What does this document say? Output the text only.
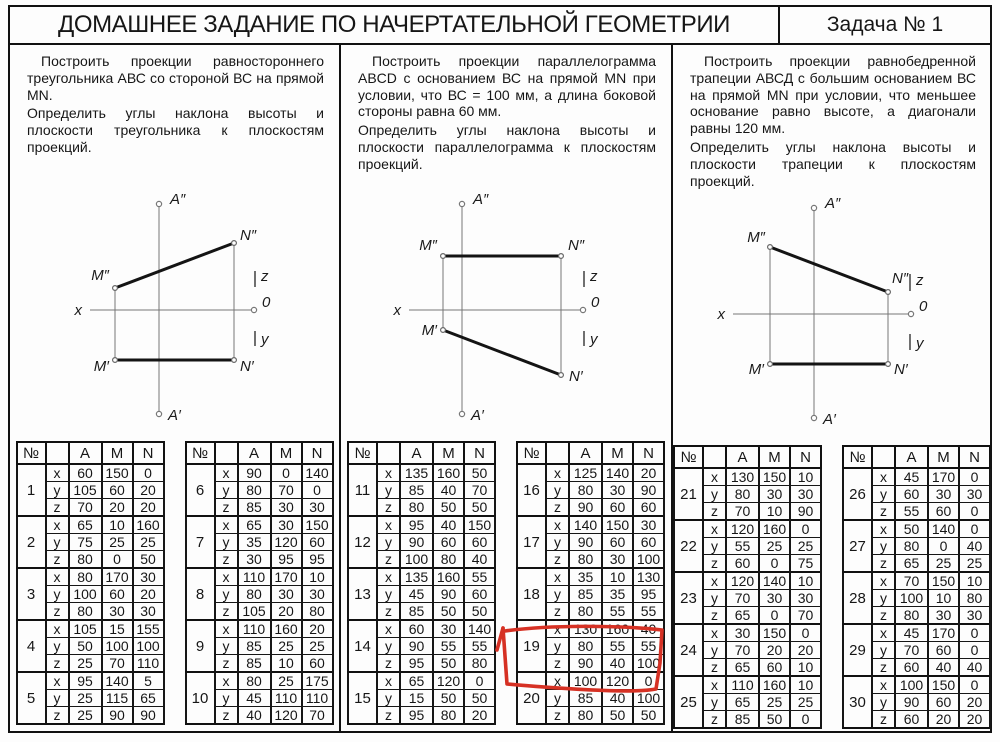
ДОМАШНЕЕ ЗАДАНИЕ ПО НАЧЕРТАТЕЛЬНОЙ ГЕОМЕТРИИ	Задача № 1

Построить проекции равностороннего треугольника АВС со стороной ВС на прямой MN.

Определить углы наклона высоты и плоскости треугольника к плоскостям проекций.

A″
A′
M″
N″
M′	N′
x
z
0
y
№		A	M	N
1	x	60	150	0
	y	105	60	20
	z	70	20	20
2	x	65	10	160
	y	75	25	25
	z	80	0	50
3	x	80	170	30
	y	100	60	20
	z	80	30	30
4	x	105	15	155
	y	50	100	100
	z	25	70	110
5	x	95	140	5
	y	25	115	65
	z	25	90	90
№		A	M	N
6	x	90	0	140
	y	80	70	0
	z	85	30	30
7	x	65	30	150
	y	35	120	60
	z	30	95	95
8	x	110	170	10
	y	80	30	30
	z	105	20	80
9	x	110	160	20
	y	85	25	25
	z	85	10	60
10	x	80	25	175
	y	45	110	110
	z	40	120	70

Построить проекции параллелограмма ABCD с основанием ВС на прямой MN при условии, что ВС = 100 мм, а длина боковой стороны равна 60 мм.

Определить углы наклона высоты и плоскости параллелограмма к плоскостям проекций.

A″
A′
M″	N″
M′
N′
x
z
0
y
№		A	M	N
11	x	135	160	50
	y	85	40	70
	z	80	50	50
12	x	95	40	150
	y	90	60	60
	z	100	80	40
13	x	135	160	55
	y	45	90	60
	z	85	50	50
14	x	60	30	140
	y	90	55	55
	z	95	50	80
15	x	65	120	0
	y	15	50	50
	z	95	80	20
№		A	M	N
16	x	125	140	20
	y	80	30	90
	z	90	60	60
17	x	140	150	30
	y	90	60	60
	z	80	30	100
18	x	35	10	130
	y	85	35	95
	z	80	55	55
19	x	130	160	40
	y	80	55	55
	z	90	40	100
20	x	100	120	0
	y	85	40	100
	z	80	50	50

Построить проекции равнобедренной трапеции АВСД с большим основанием ВС на прямой MN при условии, что меньшее основание равно высоте, а диагонали равны 120 мм.

Определить углы наклона высоты и плоскости трапеции к плоскостям проекций.

A″
A′
M″
N″
M′	N′
x
z
0
y
№		A	M	N
21	x	130	150	10
	y	80	30	30
	z	70	10	90
22	x	120	160	0
	y	55	25	25
	z	60	0	75
23	x	120	140	10
	y	70	30	30
	z	65	0	70
24	x	30	150	0
	y	70	20	20
	z	65	60	10
25	x	110	160	10
	y	65	25	25
	z	85	50	0
№		A	M	N
26	x	45	170	0
	y	60	30	30
	z	55	60	0
27	x	50	140	0
	y	80	0	40
	z	65	25	25
28	x	70	150	10
	y	100	10	80
	z	80	30	30
29	x	45	170	0
	y	70	60	0
	z	60	40	40
30	x	100	150	0
	y	90	60	20
	z	60	20	20
